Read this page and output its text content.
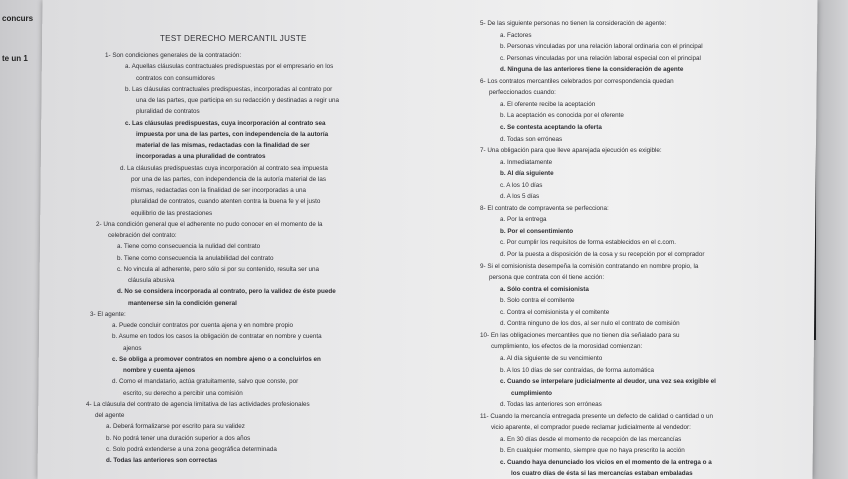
concurs
te un 1
TEST DERECHO MERCANTIL JUSTE
1- Son condiciones generales de la contratación:
a. Aquellas cláusulas contractuales predispuestas por el empresario en los
contratos con consumidores
b. Las cláusulas contractuales predispuestas, incorporadas al contrato por
una de las partes, que participa en su redacción y destinadas a regir una
pluralidad de contratos
c. Las cláusulas predispuestas, cuya incorporación al contrato sea
impuesta por una de las partes, con independencia de la autoría
material de las mismas, redactadas con la finalidad de ser
incorporadas a una pluralidad de contratos
d. La cláusulas predispuestas cuya incorporación al contrato sea impuesta
por una de las partes, con independencia de la autoría material de las
mismas, redactadas con la finalidad de ser incorporadas a una
pluralidad de contratos, cuando atenten contra la buena fe y el justo
equilibrio de las prestaciones
2- Una condición general que el adherente no pudo conocer en el momento de la
celebración del contrato:
a. Tiene como consecuencia la nulidad del contrato
b. Tiene como consecuencia la anulabilidad del contrato
c. No vincula al adherente, pero sólo si por su contenido, resulta ser una
cláusula abusiva
d. No se considera incorporada al contrato, pero la validez de éste puede
mantenerse sin la condición general
3- El agente:
a. Puede concluir contratos por cuenta ajena y en nombre propio
b. Asume en todos los casos la obligación de contratar en nombre y cuenta
ajenos
c. Se obliga a promover contratos en nombre ajeno o a concluirlos en
nombre y cuenta ajenos
d. Como el mandatario, actúa gratuitamente, salvo que conste, por
escrito, su derecho a percibir una comisión
4- La cláusula del contrato de agencia limitativa de las actividades profesionales
del agente
a. Deberá formalizarse por escrito para su validez
b. No podrá tener una duración superior a dos años
c. Solo podrá extenderse a una zona geográfica determinada
d. Todas las anteriores son correctas
5- De las siguiente personas no tienen la consideración de agente:
a. Factores
b. Personas vinculadas por una relación laboral ordinaria con el principal
c. Personas vinculadas por una relación laboral especial con el principal
d. Ninguna de las anteriores tiene la consideración de agente
6- Los contratos mercantiles celebrados por correspondencia quedan
perfeccionados cuando:
a. El oferente recibe la aceptación
b. La aceptación es conocida por el oferente
c. Se contesta aceptando la oferta
d. Todas son erróneas
7- Una obligación para que lleve aparejada ejecución es exigible:
a. Inmediatamente
b. Al día siguiente
c. A los 10 días
d. A los 5 días
8- El contrato de compraventa se perfecciona:
a. Por la entrega
b. Por el consentimiento
c. Por cumplir los requisitos de forma establecidos en el c.com.
d. Por la puesta a disposición de la cosa y su recepción por el comprador
9- Si el comisionista desempeña la comisión contratando en nombre propio, la
persona que contrata con él tiene acción:
a. Sólo contra el comisionista
b. Solo contra el comitente
c. Contra el comisionista y el comitente
d. Contra ninguno de los dos, al ser nulo el contrato de comisión
10- En las obligaciones mercantiles que no tienen día señalado para su
cumplimiento, los efectos de la morosidad comienzan:
a. Al día siguiente de su vencimiento
b. A los 10 días de ser contraídas, de forma automática
c. Cuando se interpelare judicialmente al deudor, una vez sea exigible el
cumplimiento
d. Todas las anteriores son erróneas
11- Cuando la mercancía entregada presente un defecto de calidad o cantidad o un
vicio aparente, el comprador puede reclamar judicialmente al vendedor:
a. En 30 días desde el momento de recepción de las mercancías
b. En cualquier momento, siempre que no haya prescrito la acción
c. Cuando haya denunciado los vicios en el momento de la entrega o a
los cuatro días de ésta si las mercancías estaban embaladas
